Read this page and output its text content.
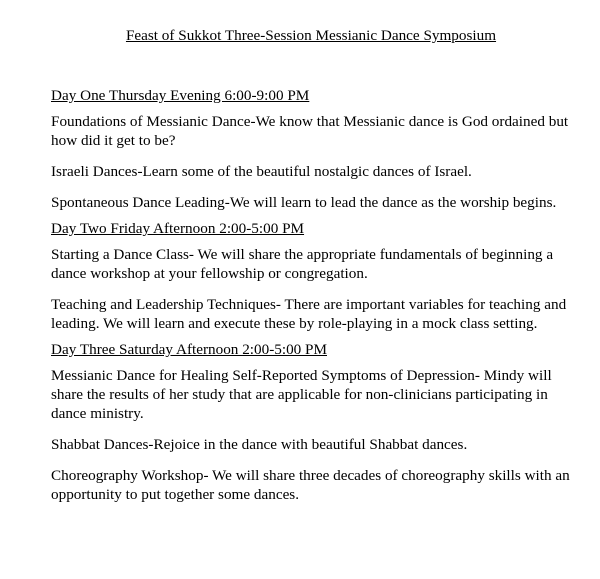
Feast of Sukkot Three-Session Messianic Dance Symposium

Day One Thursday Evening 6:00-9:00 PM

Foundations of Messianic Dance-We know that Messianic dance is God ordained but how did it get to be?

Israeli Dances-Learn some of the beautiful nostalgic dances of Israel.

Spontaneous Dance Leading-We will learn to lead the dance as the worship begins.

Day Two Friday Afternoon 2:00-5:00 PM

Starting a Dance Class- We will share the appropriate fundamentals of beginning a dance workshop at your fellowship or congregation.

Teaching and Leadership Techniques- There are important variables for teaching and leading. We will learn and execute these by role-playing in a mock class setting.

Day Three Saturday Afternoon 2:00-5:00 PM

Messianic Dance for Healing Self-Reported Symptoms of Depression- Mindy will share the results of her study that are applicable for non-clinicians participating in dance ministry.

Shabbat Dances-Rejoice in the dance with beautiful Shabbat dances.

Choreography Workshop- We will share three decades of choreography skills with an opportunity to put together some dances.
